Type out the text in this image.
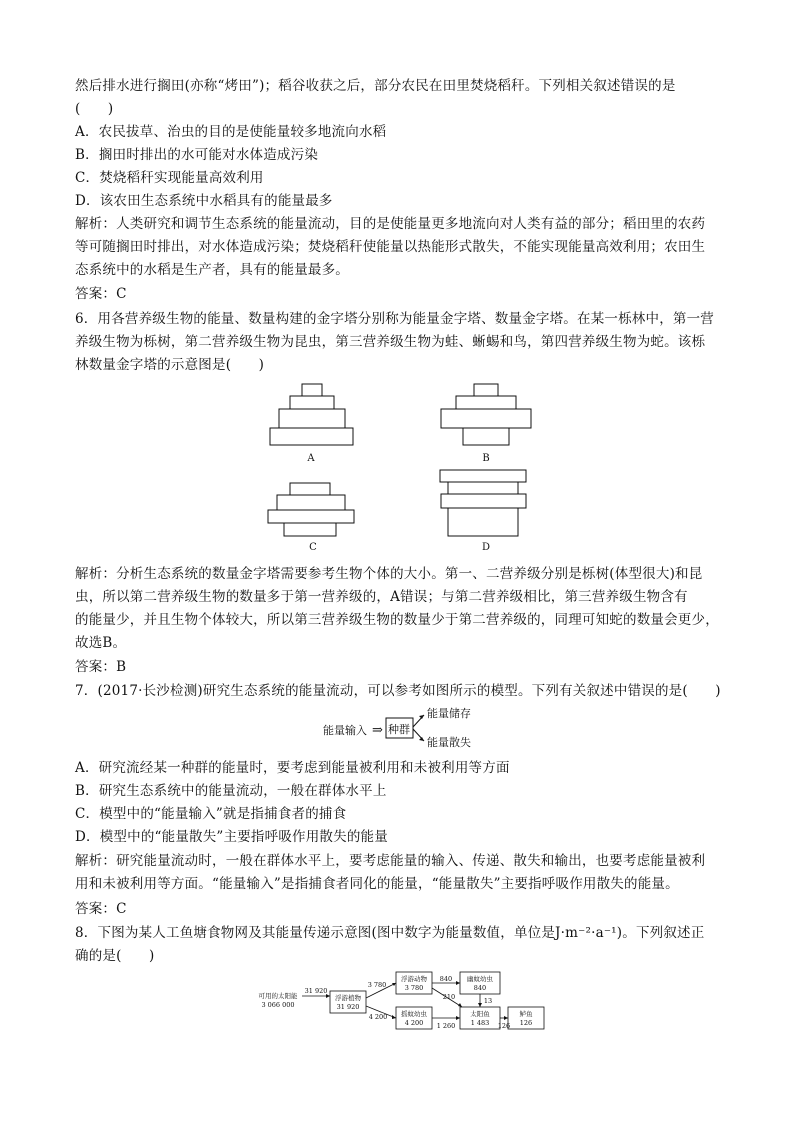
然后排水进行搁田(亦称“烤田”)；稻谷收获之后，部分农民在田里焚烧稻秆。下列相关叙述错误的是
(　　)
A．农民拔草、治虫的目的是使能量较多地流向水稻
B．搁田时排出的水可能对水体造成污染
C．焚烧稻秆实现能量高效利用
D．该农田生态系统中水稻具有的能量最多
解析：人类研究和调节生态系统的能量流动，目的是使能量更多地流向对人类有益的部分；稻田里的农药
等可随搁田时排出，对水体造成污染；焚烧稻秆使能量以热能形式散失，不能实现能量高效利用；农田生
态系统中的水稻是生产者，具有的能量最多。
答案：C
6．用各营养级生物的能量、数量构建的金字塔分别称为能量金字塔、数量金字塔。在某一栎林中，第一营
养级生物为栎树，第二营养级生物为昆虫，第三营养级生物为蛙、蜥蜴和鸟，第四营养级生物为蛇。该栎
林数量金字塔的示意图是(　　)
A	B
C	D
解析：分析生态系统的数量金字塔需要参考生物个体的大小。第一、二营养级分别是栎树(体型很大)和昆
虫，所以第二营养级生物的数量多于第一营养级的，A错误；与第二营养级相比，第三营养级生物含有
的能量少，并且生物个体较大，所以第三营养级生物的数量少于第二营养级的，同理可知蛇的数量会更少，
故选B。
答案：B
7．(2017·长沙检测)研究生态系统的能量流动，可以参考如图所示的模型。下列有关叙述中错误的是(　　)
能量输入 ⇒ 种群
能量储存
能量散失
A．研究流经某一种群的能量时，要考虑到能量被利用和未被利用等方面
B．研究生态系统中的能量流动，一般在群体水平上
C．模型中的“能量输入”就是指捕食者的捕食
D．模型中的“能量散失”主要指呼吸作用散失的能量
解析：研究能量流动时，一般在群体水平上，要考虑能量的输入、传递、散失和输出，也要考虑能量被利
用和未被利用等方面。“能量输入”是指捕食者同化的能量，“能量散失”主要指呼吸作用散失的能量。
答案：C
8．下图为某人工鱼塘食物网及其能量传递示意图(图中数字为能量数值，单位是J·m⁻²·a⁻¹)。下列叙述正
确的是(　　)
可用的太阳能
3 066 000
31 920
浮游植物
31 920
3 780
4 200
浮游动物
3 780
840
210
幽蚊幼虫
840
13
摇蚊幼虫
4 200 1 260
太阳鱼
1 483 126
鲈鱼
126
